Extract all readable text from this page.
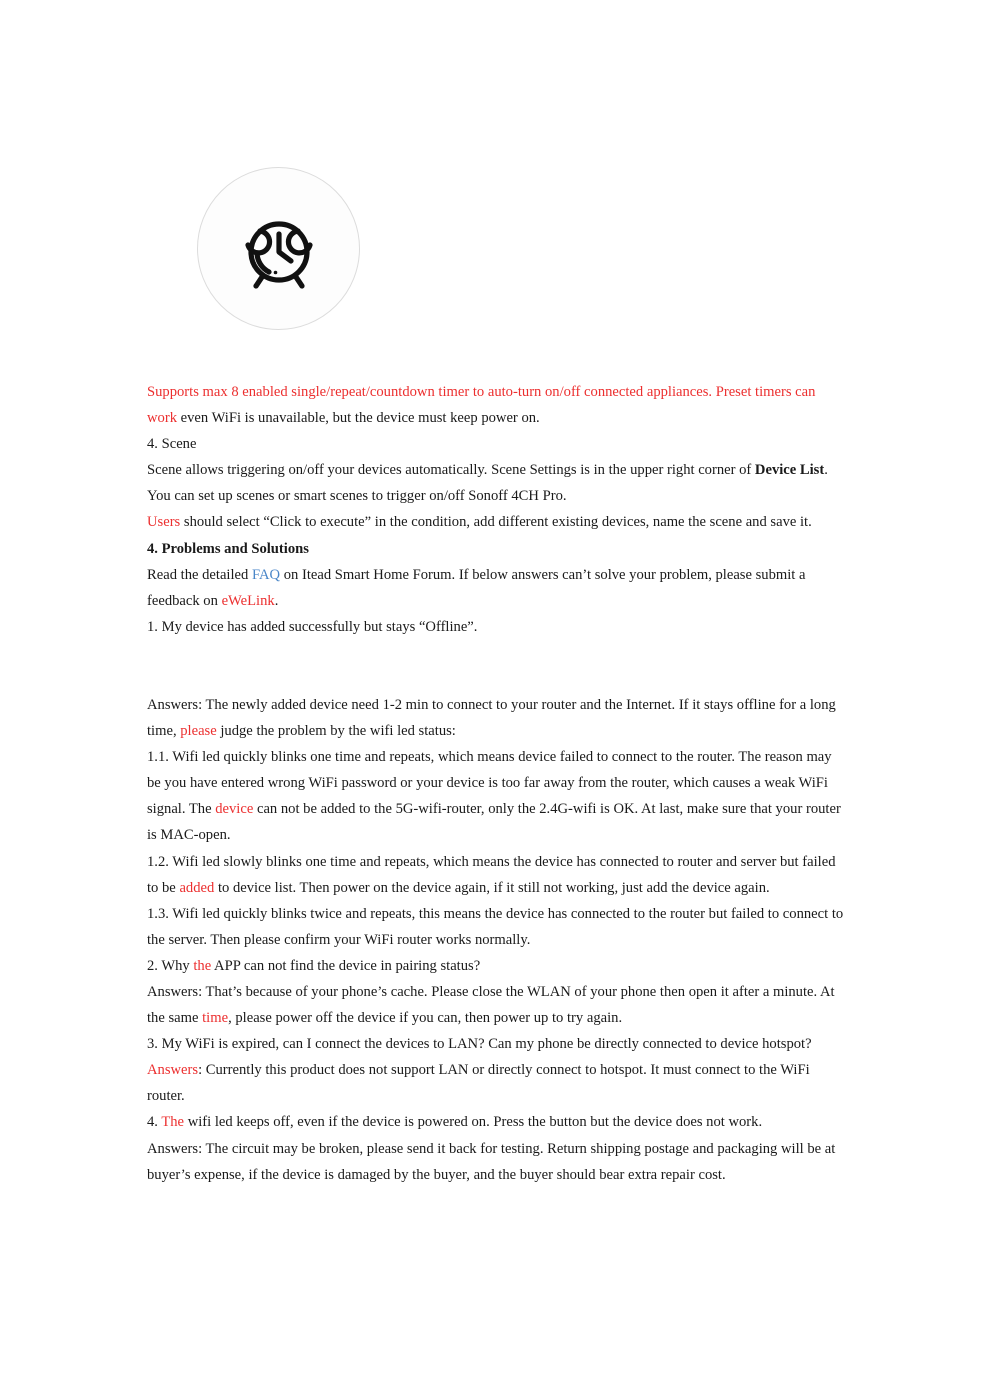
Supports max 8 enabled single/repeat/countdown timer to auto-turn on/off connected appliances. Preset timers can work even WiFi is unavailable, but the device must keep power on.

4. Scene

Scene allows triggering on/off your devices automatically. Scene Settings is in the upper right corner of Device List. You can set up scenes or smart scenes to trigger on/off Sonoff 4CH Pro.

Users should select “Click to execute” in the condition, add different existing devices, name the scene and save it.

4. Problems and Solutions

Read the detailed FAQ on Itead Smart Home Forum. If below answers can’t solve your problem, please submit a feedback on eWeLink.

1. My device has added successfully but stays “Offline”.

Answers: The newly added device need 1-2 min to connect to your router and the Internet. If it stays offline for a long time, please judge the problem by the wifi led status:

1.1. Wifi led quickly blinks one time and repeats, which means device failed to connect to the router. The reason may be you have entered wrong WiFi password or your device is too far away from the router, which causes a weak WiFi signal. The device can not be added to the 5G-wifi-router, only the 2.4G-wifi is OK. At last, make sure that your router is MAC-open.

1.2. Wifi led slowly blinks one time and repeats, which means the device has connected to router and server but failed to be added to device list. Then power on the device again, if it still not working, just add the device again.

1.3. Wifi led quickly blinks twice and repeats, this means the device has connected to the router but failed to connect to the server. Then please confirm your WiFi router works normally.

2. Why the APP can not find the device in pairing status?

Answers: That’s because of your phone’s cache. Please close the WLAN of your phone then open it after a minute. At the same time, please power off the device if you can, then power up to try again.

3. My WiFi is expired, can I connect the devices to LAN? Can my phone be directly connected to device hotspot?

Answers: Currently this product does not support LAN or directly connect to hotspot. It must connect to the WiFi router.

4. The wifi led keeps off, even if the device is powered on. Press the button but the device does not work.

Answers: The circuit may be broken, please send it back for testing. Return shipping postage and packaging will be at buyer’s expense, if the device is damaged by the buyer, and the buyer should bear extra repair cost.
